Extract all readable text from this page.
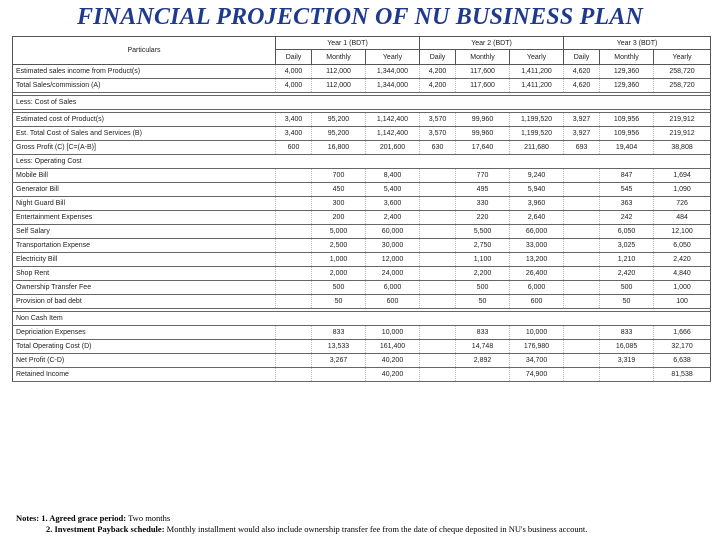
FINANCIAL PROJECTION OF NU BUSINESS PLAN
Particulars	Year 1 (BDT)			Year 2 (BDT)			Year 3 (BDT)		
	Daily	Monthly	Yearly	Daily	Monthly	Yearly	Daily	Monthly	Yearly
Estimated sales income from Product(s)	4,000	112,000	1,344,000	4,200	117,600	1,411,200	4,620	129,360	258,720
Total Sales/commission (A)	4,000	112,000	1,344,000	4,200	117,600	1,411,200	4,620	129,360	258,720

Less: Cost of Sales									

Estimated cost of Product(s)	3,400	95,200	1,142,400	3,570	99,960	1,199,520	3,927	109,956	219,912
Est. Total Cost of Sales and Services (B)	3,400	95,200	1,142,400	3,570	99,960	1,199,520	3,927	109,956	219,912
Gross Profit (C) [C=(A-B)]	600	16,800	201,600	630	17,640	211,680	693	19,404	38,808
Less: Operating Cost									
Mobile Bill		700	8,400		770	9,240		847	1,694
Generator Bill		450	5,400		495	5,940		545	1,090
Night Guard Bill		300	3,600		330	3,960		363	726
Entertainment Expenses		200	2,400		220	2,640		242	484
Self Salary		5,000	60,000		5,500	66,000		6,050	12,100
Transportation Expense		2,500	30,000		2,750	33,000		3,025	6,050
Electricity Bill		1,000	12,000		1,100	13,200		1,210	2,420
Shop Rent		2,000	24,000		2,200	26,400		2,420	4,840
Ownership Transfer Fee		500	6,000		500	6,000		500	1,000
Provision of bad debt		50	600		50	600		50	100

Non Cash Item									
Depriciation Expenses		833	10,000		833	10,000		833	1,666
Total Operating Cost (D)		13,533	161,400		14,748	176,980		16,085	32,170
Net Profit (C-D)		3,267	40,200		2,892	34,700		3,319	6,638
Retained Income			40,200			74,900			81,538
Notes: 1. Agreed grace period: Two months
2. Investment Payback schedule: Monthly installment would also include ownership transfer fee from the date of cheque deposited in NU's business account.
